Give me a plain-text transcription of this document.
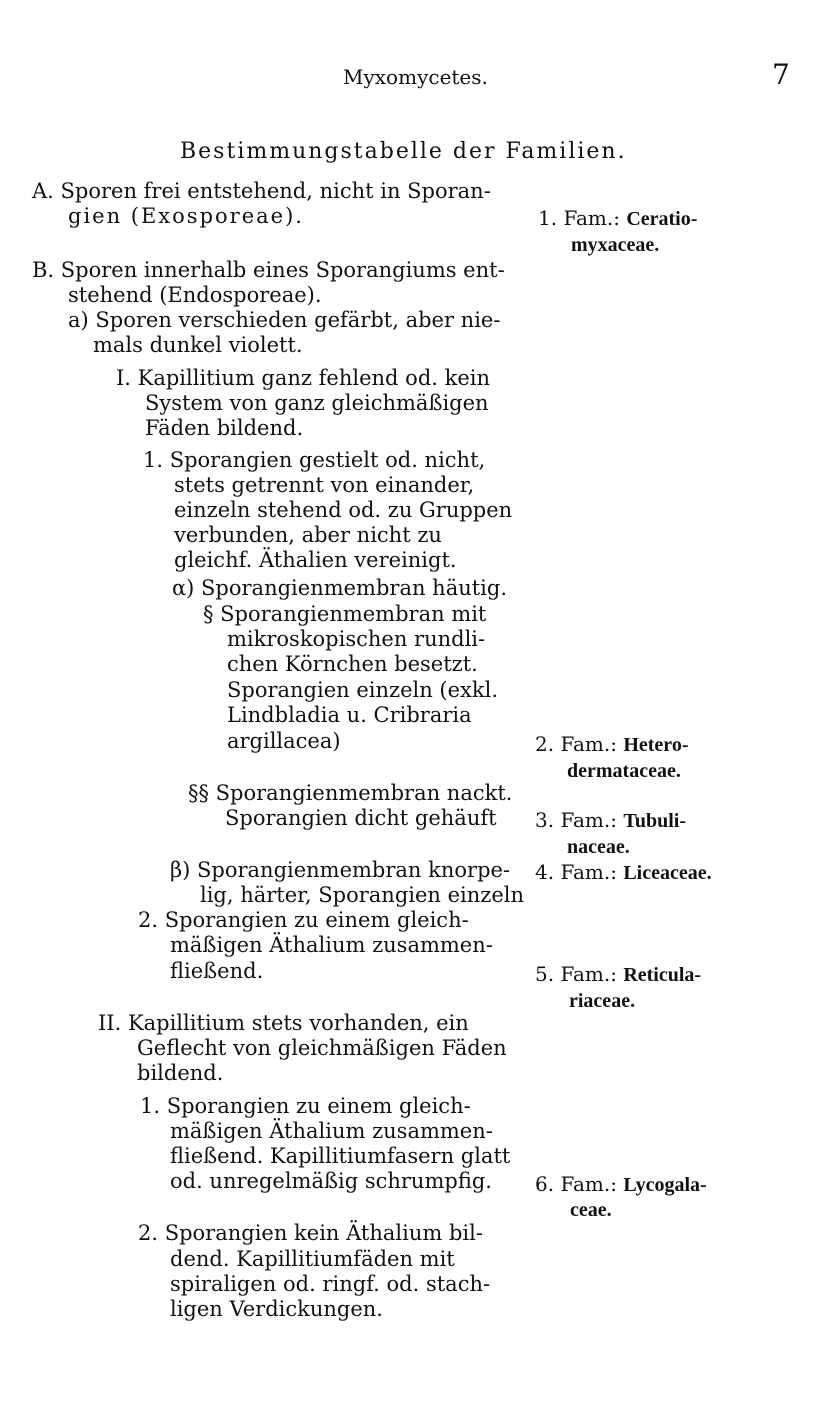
Myxomycetes.	7
Bestimmungstabelle der Familien.
A. Sporen frei entstehend, nicht in Sporan-
gien (Exosporeae).
B. Sporen innerhalb eines Sporangiums ent-
stehend (Endosporeae).
a) Sporen verschieden gefärbt, aber nie-
mals dunkel violett.
I. Kapillitium ganz fehlend od. kein
System von ganz gleichmäßigen
Fäden bildend.
1. Sporangien gestielt od. nicht,
stets getrennt von einander,
einzeln stehend od. zu Gruppen
verbunden, aber nicht zu
gleichf. Äthalien vereinigt.
α) Sporangienmembran häutig.
§ Sporangienmembran mit
mikroskopischen rundli-
chen Körnchen besetzt.
Sporangien einzeln (exkl.
Lindbladia u. Cribraria
argillacea)
§§ Sporangienmembran nackt.
Sporangien dicht gehäuft
β) Sporangienmembran knorpe-
lig, härter, Sporangien einzeln
2. Sporangien zu einem gleich-
mäßigen Äthalium zusammen-
fließend.
II. Kapillitium stets vorhanden, ein
Geflecht von gleichmäßigen Fäden
bildend.
1. Sporangien zu einem gleich-
mäßigen Äthalium zusammen-
fließend. Kapillitiumfasern glatt
od. unregelmäßig schrumpfig.
2. Sporangien kein Äthalium bil-
dend. Kapillitiumfäden mit
spiraligen od. ringf. od. stach-
ligen Verdickungen.
1. Fam.: Ceratio-
myxaceae.
2. Fam.: Hetero-
dermataceae.
3. Fam.: Tubuli-
naceae.
4. Fam.: Liceaceae.
5. Fam.: Reticula-
riaceae.
6. Fam.: Lycogala-
ceae.
